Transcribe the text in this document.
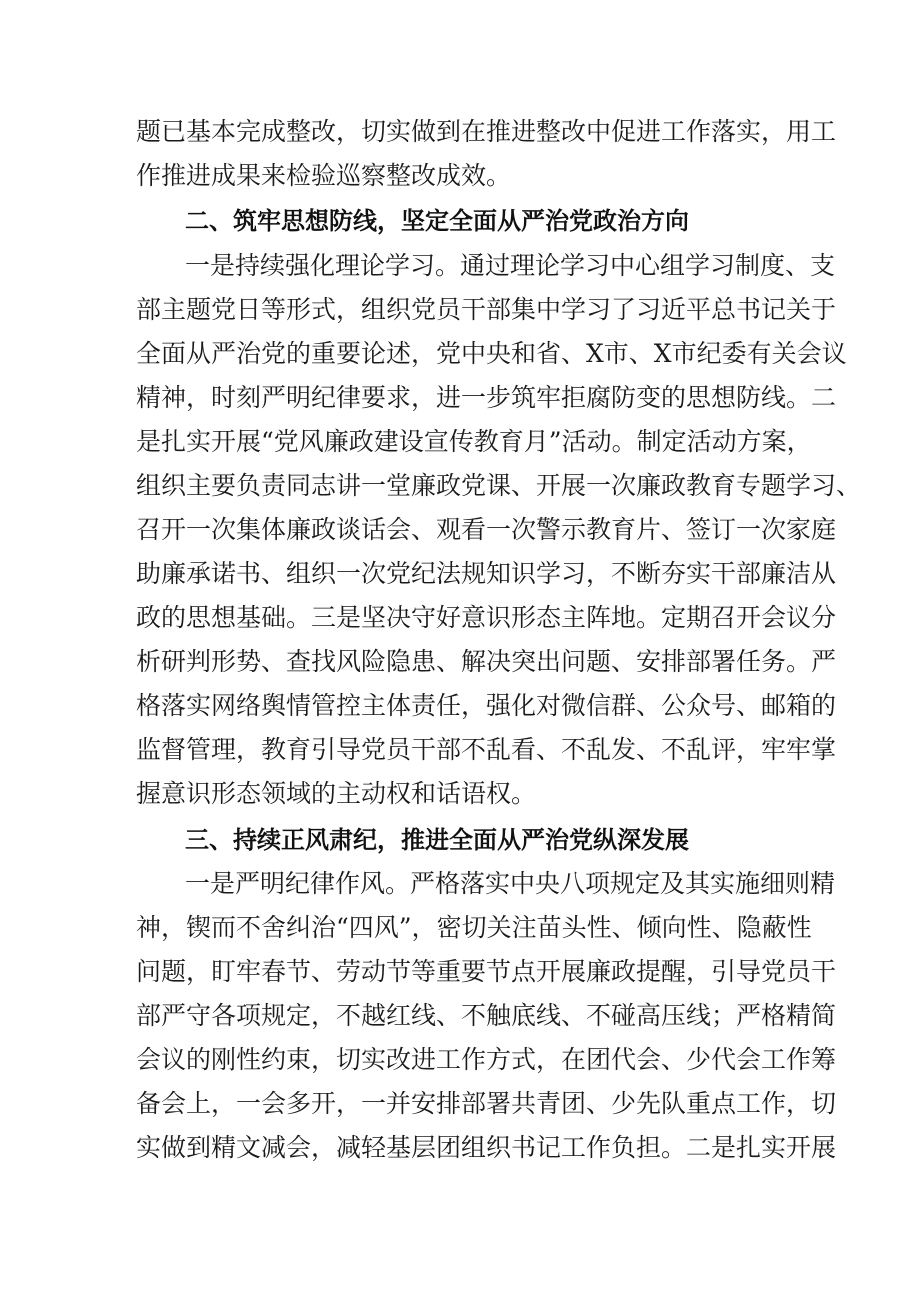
题已基本完成整改，切实做到在推进整改中促进工作落实，用工
作推进成果来检验巡察整改成效。
二、筑牢思想防线，坚定全面从严治党政治方向
一是持续强化理论学习。通过理论学习中心组学习制度、支
部主题党日等形式，组织党员干部集中学习了习近平总书记关于
全面从严治党的重要论述，党中央和省、X市、X市纪委有关会议
精神，时刻严明纪律要求，进一步筑牢拒腐防变的思想防线。二
是扎实开展“党风廉政建设宣传教育月”活动。制定活动方案，
组织主要负责同志讲一堂廉政党课、开展一次廉政教育专题学习、
召开一次集体廉政谈话会、观看一次警示教育片、签订一次家庭
助廉承诺书、组织一次党纪法规知识学习，不断夯实干部廉洁从
政的思想基础。三是坚决守好意识形态主阵地。定期召开会议分
析研判形势、查找风险隐患、解决突出问题、安排部署任务。严
格落实网络舆情管控主体责任，强化对微信群、公众号、邮箱的
监督管理，教育引导党员干部不乱看、不乱发、不乱评，牢牢掌
握意识形态领域的主动权和话语权。
三、持续正风肃纪，推进全面从严治党纵深发展
一是严明纪律作风。严格落实中央八项规定及其实施细则精
神，锲而不舍纠治“四风”，密切关注苗头性、倾向性、隐蔽性
问题，盯牢春节、劳动节等重要节点开展廉政提醒，引导党员干
部严守各项规定，不越红线、不触底线、不碰高压线；严格精简
会议的刚性约束，切实改进工作方式，在团代会、少代会工作筹
备会上，一会多开，一并安排部署共青团、少先队重点工作，切
实做到精文减会，减轻基层团组织书记工作负担。二是扎实开展
